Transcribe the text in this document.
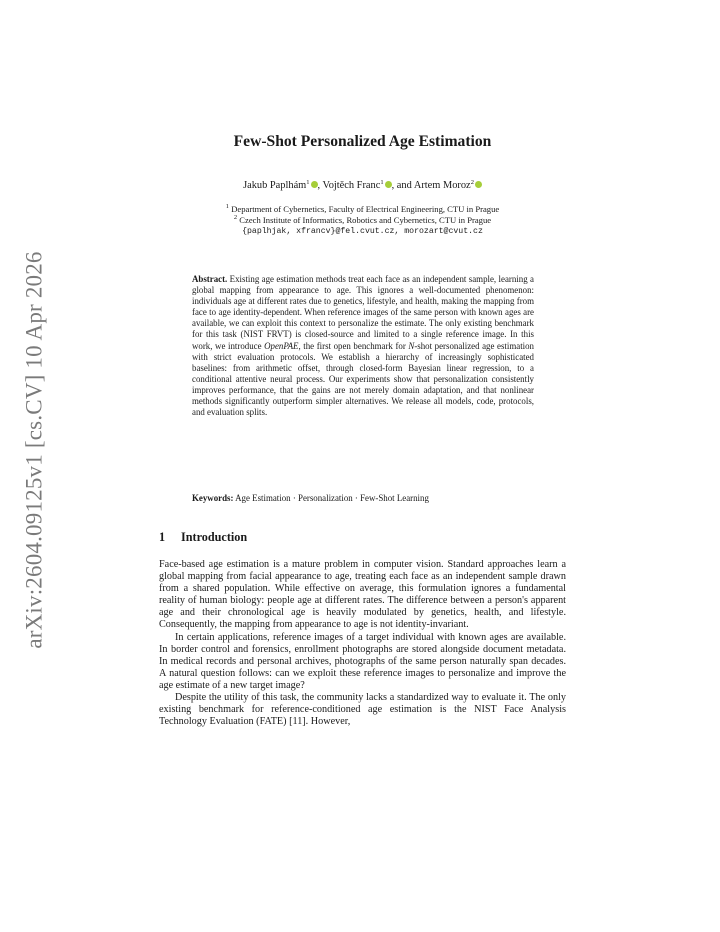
arXiv:2604.09125v1 [cs.CV] 10 Apr 2026
Few-Shot Personalized Age Estimation
Jakub Paplhám$^1$ , Vojtěch Franc$^1$ , and Artem Moroz$^2$
$^1$ Department of Cybernetics, Faculty of Electrical Engineering, CTU in Prague
$^2$ Czech Institute of Informatics, Robotics and Cybernetics, CTU in Prague
{paplhjak, xfrancv}@fel.cvut.cz, morozart@cvut.cz

Abstract. Existing age estimation methods treat each face as an independent sample, learning a global mapping from appearance to age. This ignores a well-documented phenomenon: individuals age at different rates due to genetics, lifestyle, and health, making the mapping from face to age identity-dependent. When reference images of the same person with known ages are available, we can exploit this context to personalize the estimate. The only existing benchmark for this task (NIST FRVT) is closed-source and limited to a single reference image. In this work, we introduce OpenPAE, the first open benchmark for N-shot personalized age estimation with strict evaluation protocols. We establish a hierarchy of increasingly sophisticated baselines: from arithmetic offset, through closed-form Bayesian linear regression, to a conditional attentive neural process. Our experiments show that personalization consistently improves performance, that the gains are not merely domain adaptation, and that nonlinear methods significantly outperform simpler alternatives. We release all models, code, protocols, and evaluation splits.

Keywords: Age Estimation · Personalization · Few-Shot Learning
1 Introduction

Face-based age estimation is a mature problem in computer vision. Standard approaches learn a global mapping from facial appearance to age, treating each face as an independent sample drawn from a shared population. While effective on average, this formulation ignores a fundamental reality of human biology: people age at different rates. The difference between a person's apparent age and their chronological age is heavily modulated by genetics, health, and lifestyle. Consequently, the mapping from appearance to age is not identity-invariant.

In certain applications, reference images of a target individual with known ages are available. In border control and forensics, enrollment photographs are stored alongside document metadata. In medical records and personal archives, photographs of the same person naturally span decades. A natural question follows: can we exploit these reference images to personalize and improve the age estimate of a new target image?

Despite the utility of this task, the community lacks a standardized way to evaluate it. The only existing benchmark for reference-conditioned age estimation is the NIST Face Analysis Technology Evaluation (FATE) [11]. However,
